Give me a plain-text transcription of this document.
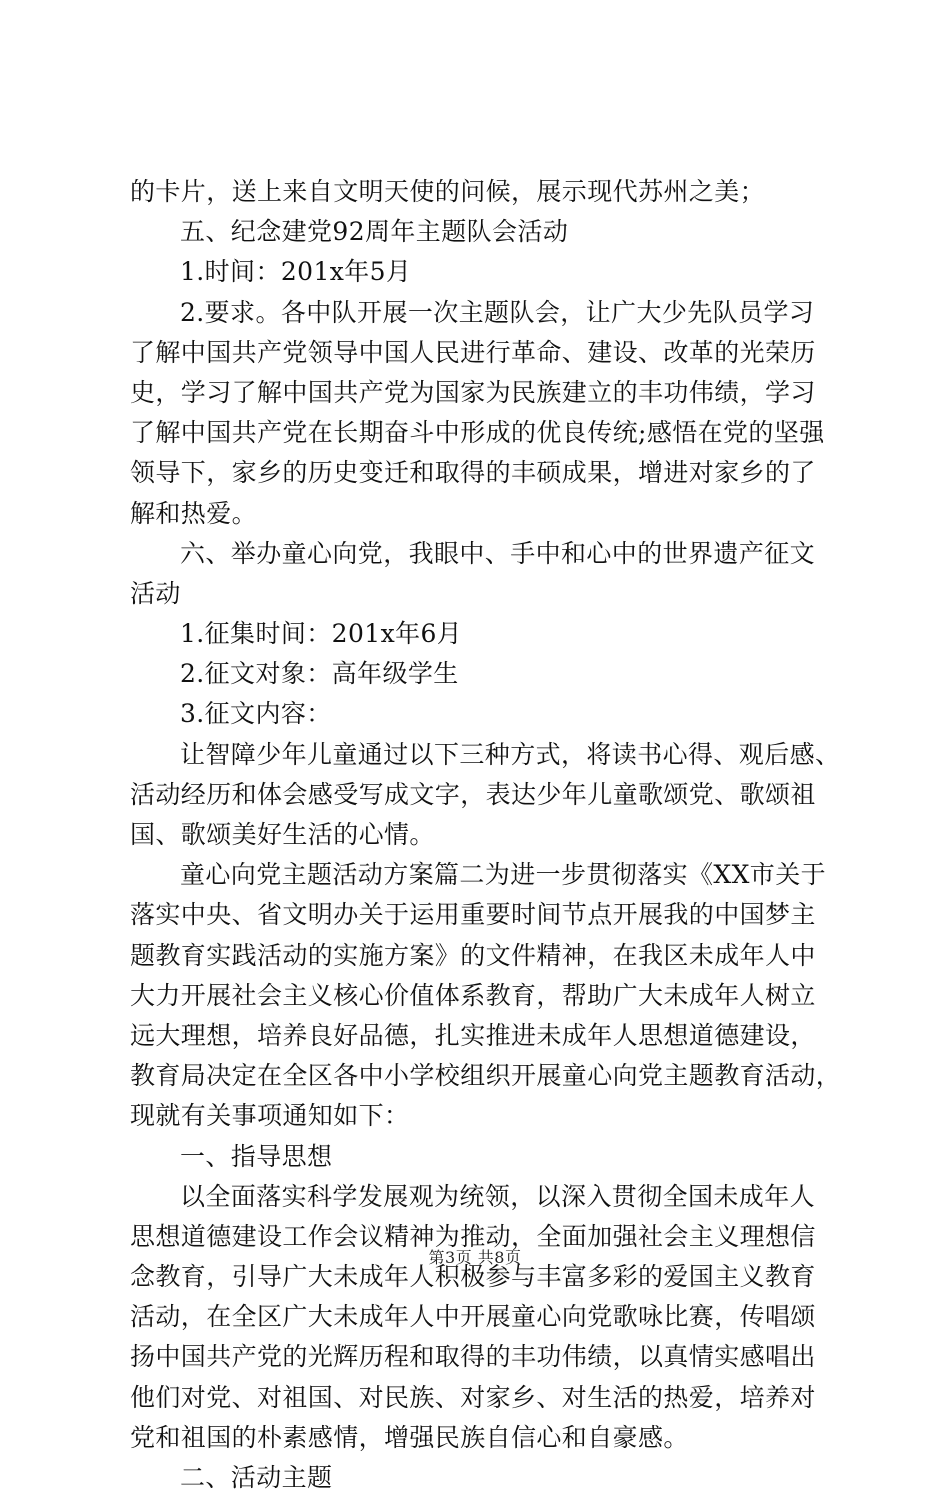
的卡片，送上来自文明天使的问候，展示现代苏州之美；
五、纪念建党92周年主题队会活动
1.时间：201x年5月
2.要求。各中队开展一次主题队会，让广大少先队员学习
了解中国共产党领导中国人民进行革命、建设、改革的光荣历
史，学习了解中国共产党为国家为民族建立的丰功伟绩，学习
了解中国共产党在长期奋斗中形成的优良传统;感悟在党的坚强
领导下，家乡的历史变迁和取得的丰硕成果，增进对家乡的了
解和热爱。
六、举办童心向党，我眼中、手中和心中的世界遗产征文
活动
1.征集时间：201x年6月
2.征文对象：高年级学生
3.征文内容：
让智障少年儿童通过以下三种方式，将读书心得、观后感、
活动经历和体会感受写成文字，表达少年儿童歌颂党、歌颂祖
国、歌颂美好生活的心情。
童心向党主题活动方案篇二为进一步贯彻落实《XX市关于
落实中央、省文明办关于运用重要时间节点开展我的中国梦主
题教育实践活动的实施方案》的文件精神，在我区未成年人中
大力开展社会主义核心价值体系教育，帮助广大未成年人树立
远大理想，培养良好品德，扎实推进未成年人思想道德建设，
教育局决定在全区各中小学校组织开展童心向党主题教育活动，
现就有关事项通知如下：
一、指导思想
以全面落实科学发展观为统领，以深入贯彻全国未成年人
思想道德建设工作会议精神为推动，全面加强社会主义理想信
念教育，引导广大未成年人积极参与丰富多彩的爱国主义教育
活动，在全区广大未成年人中开展童心向党歌咏比赛，传唱颂
扬中国共产党的光辉历程和取得的丰功伟绩，以真情实感唱出
他们对党、对祖国、对民族、对家乡、对生活的热爱，培养对
党和祖国的朴素感情，增强民族自信心和自豪感。
二、活动主题
第3页 共8页
